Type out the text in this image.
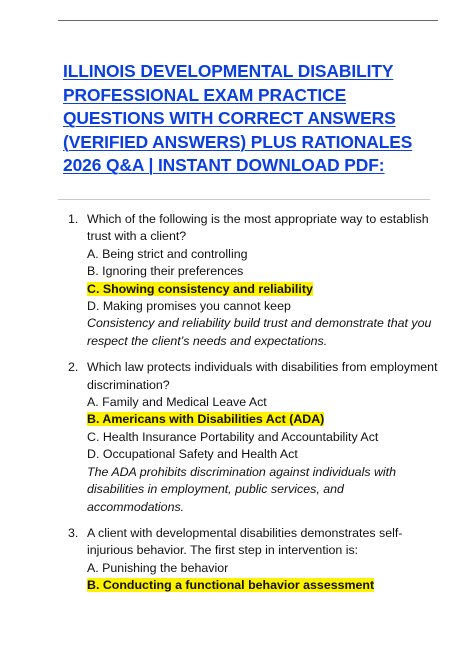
ILLINOIS DEVELOPMENTAL DISABILITY PROFESSIONAL EXAM PRACTICE QUESTIONS WITH CORRECT ANSWERS (VERIFIED ANSWERS) PLUS RATIONALES 2026 Q&A | INSTANT DOWNLOAD PDF:
1. Which of the following is the most appropriate way to establish trust with a client?
A. Being strict and controlling
B. Ignoring their preferences
C. Showing consistency and reliability
D. Making promises you cannot keep
Consistency and reliability build trust and demonstrate that you respect the client’s needs and expectations.
2. Which law protects individuals with disabilities from employment discrimination?
A. Family and Medical Leave Act
B. Americans with Disabilities Act (ADA)
C. Health Insurance Portability and Accountability Act
D. Occupational Safety and Health Act
The ADA prohibits discrimination against individuals with disabilities in employment, public services, and accommodations.
3. A client with developmental disabilities demonstrates self-injurious behavior. The first step in intervention is:
A. Punishing the behavior
B. Conducting a functional behavior assessment
